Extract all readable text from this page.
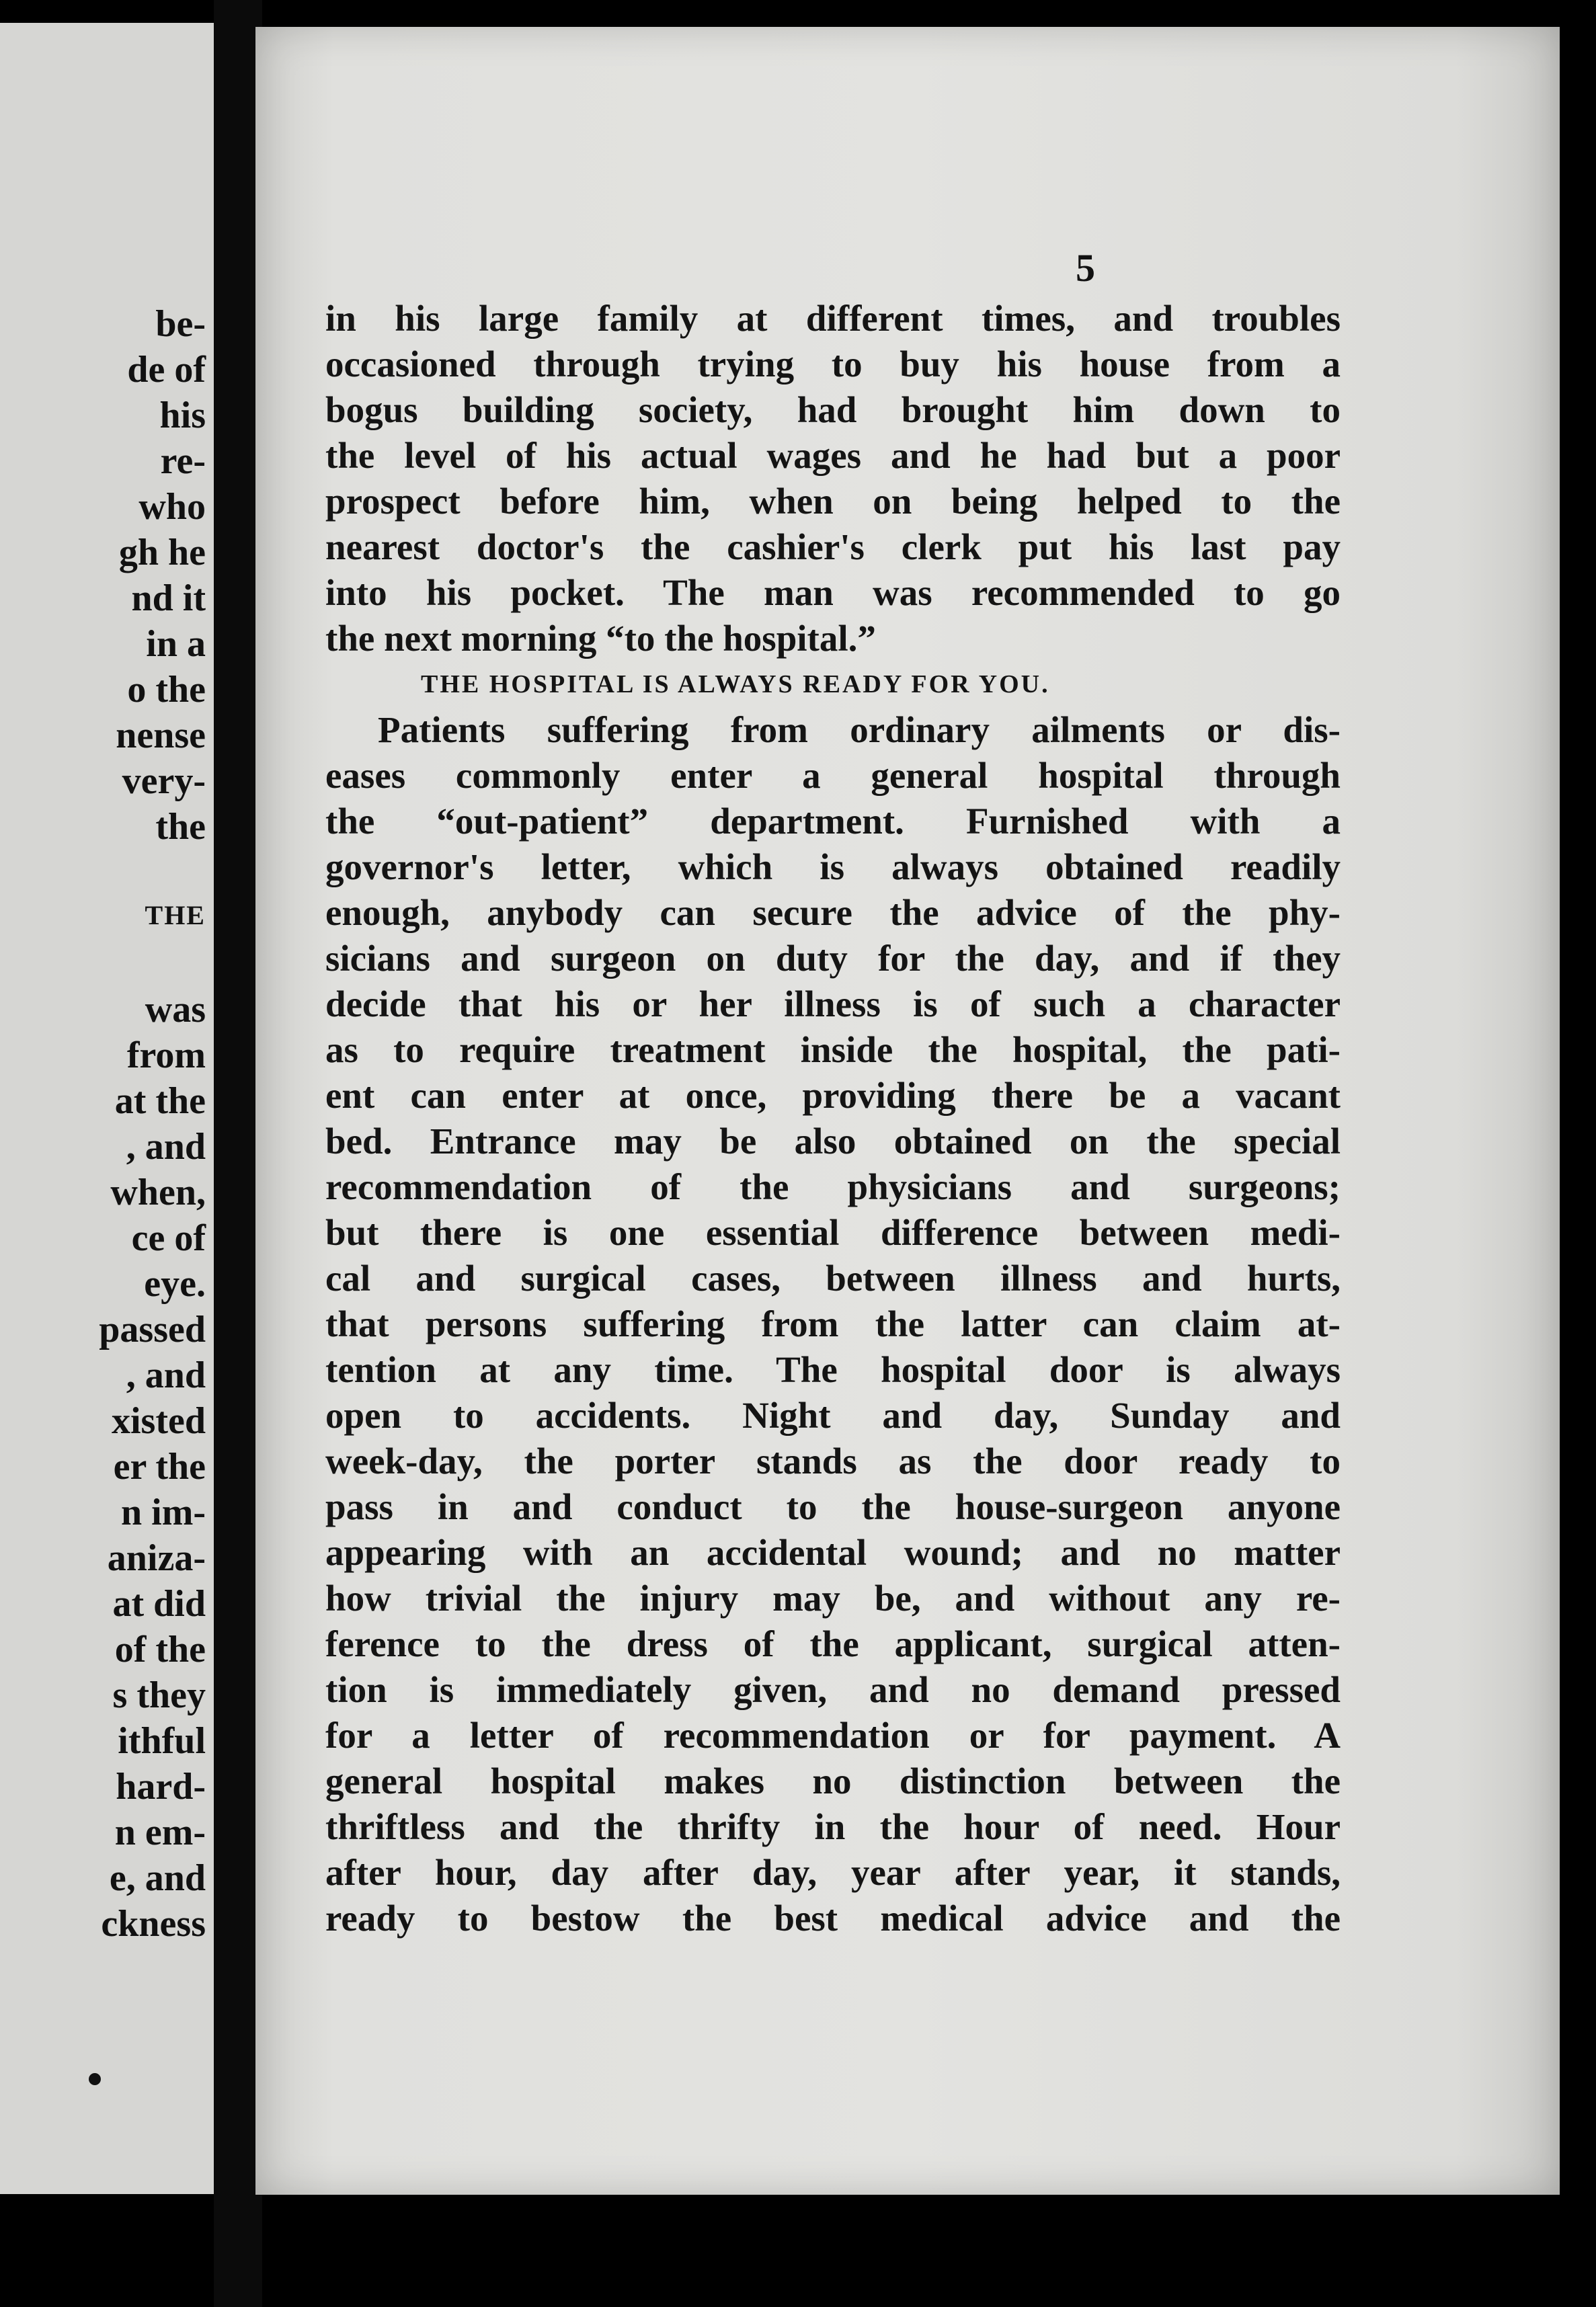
be-
de of
his
re-
who
gh he
nd it
in a
o the
nense
very-
the
THE
was
from
at the
, and
when,
ce of
eye.
passed
, and
xisted
er the
n im-
aniza-
at did
of the
s they
ithful
hard-
n em-
e, and
ckness
5
in his large family at different times, and troubles
occasioned through trying to buy his house from a
bogus building society, had brought him down to
the level of his actual wages and he had but a poor
prospect before him, when on being helped to the
nearest doctor's the cashier's clerk put his last pay
into his pocket. The man was recommended to go
the next morning “to the hospital.”
THE HOSPITAL IS ALWAYS READY FOR YOU.
Patients suffering from ordinary ailments or dis-
eases commonly enter a general hospital through
the “out-patient” department. Furnished with a
governor's letter, which is always obtained readily
enough, anybody can secure the advice of the phy-
sicians and surgeon on duty for the day, and if they
decide that his or her illness is of such a character
as to require treatment inside the hospital, the pati-
ent can enter at once, providing there be a vacant
bed. Entrance may be also obtained on the special
recommendation of the physicians and surgeons;
but there is one essential difference between medi-
cal and surgical cases, between illness and hurts,
that persons suffering from the latter can claim at-
tention at any time. The hospital door is always
open to accidents. Night and day, Sunday and
week-day, the porter stands as the door ready to
pass in and conduct to the house-surgeon anyone
appearing with an accidental wound; and no matter
how trivial the injury may be, and without any re-
ference to the dress of the applicant, surgical atten-
tion is immediately given, and no demand pressed
for a letter of recommendation or for payment. A
general hospital makes no distinction between the
thriftless and the thrifty in the hour of need. Hour
after hour, day after day, year after year, it stands,
ready to bestow the best medical advice and the
